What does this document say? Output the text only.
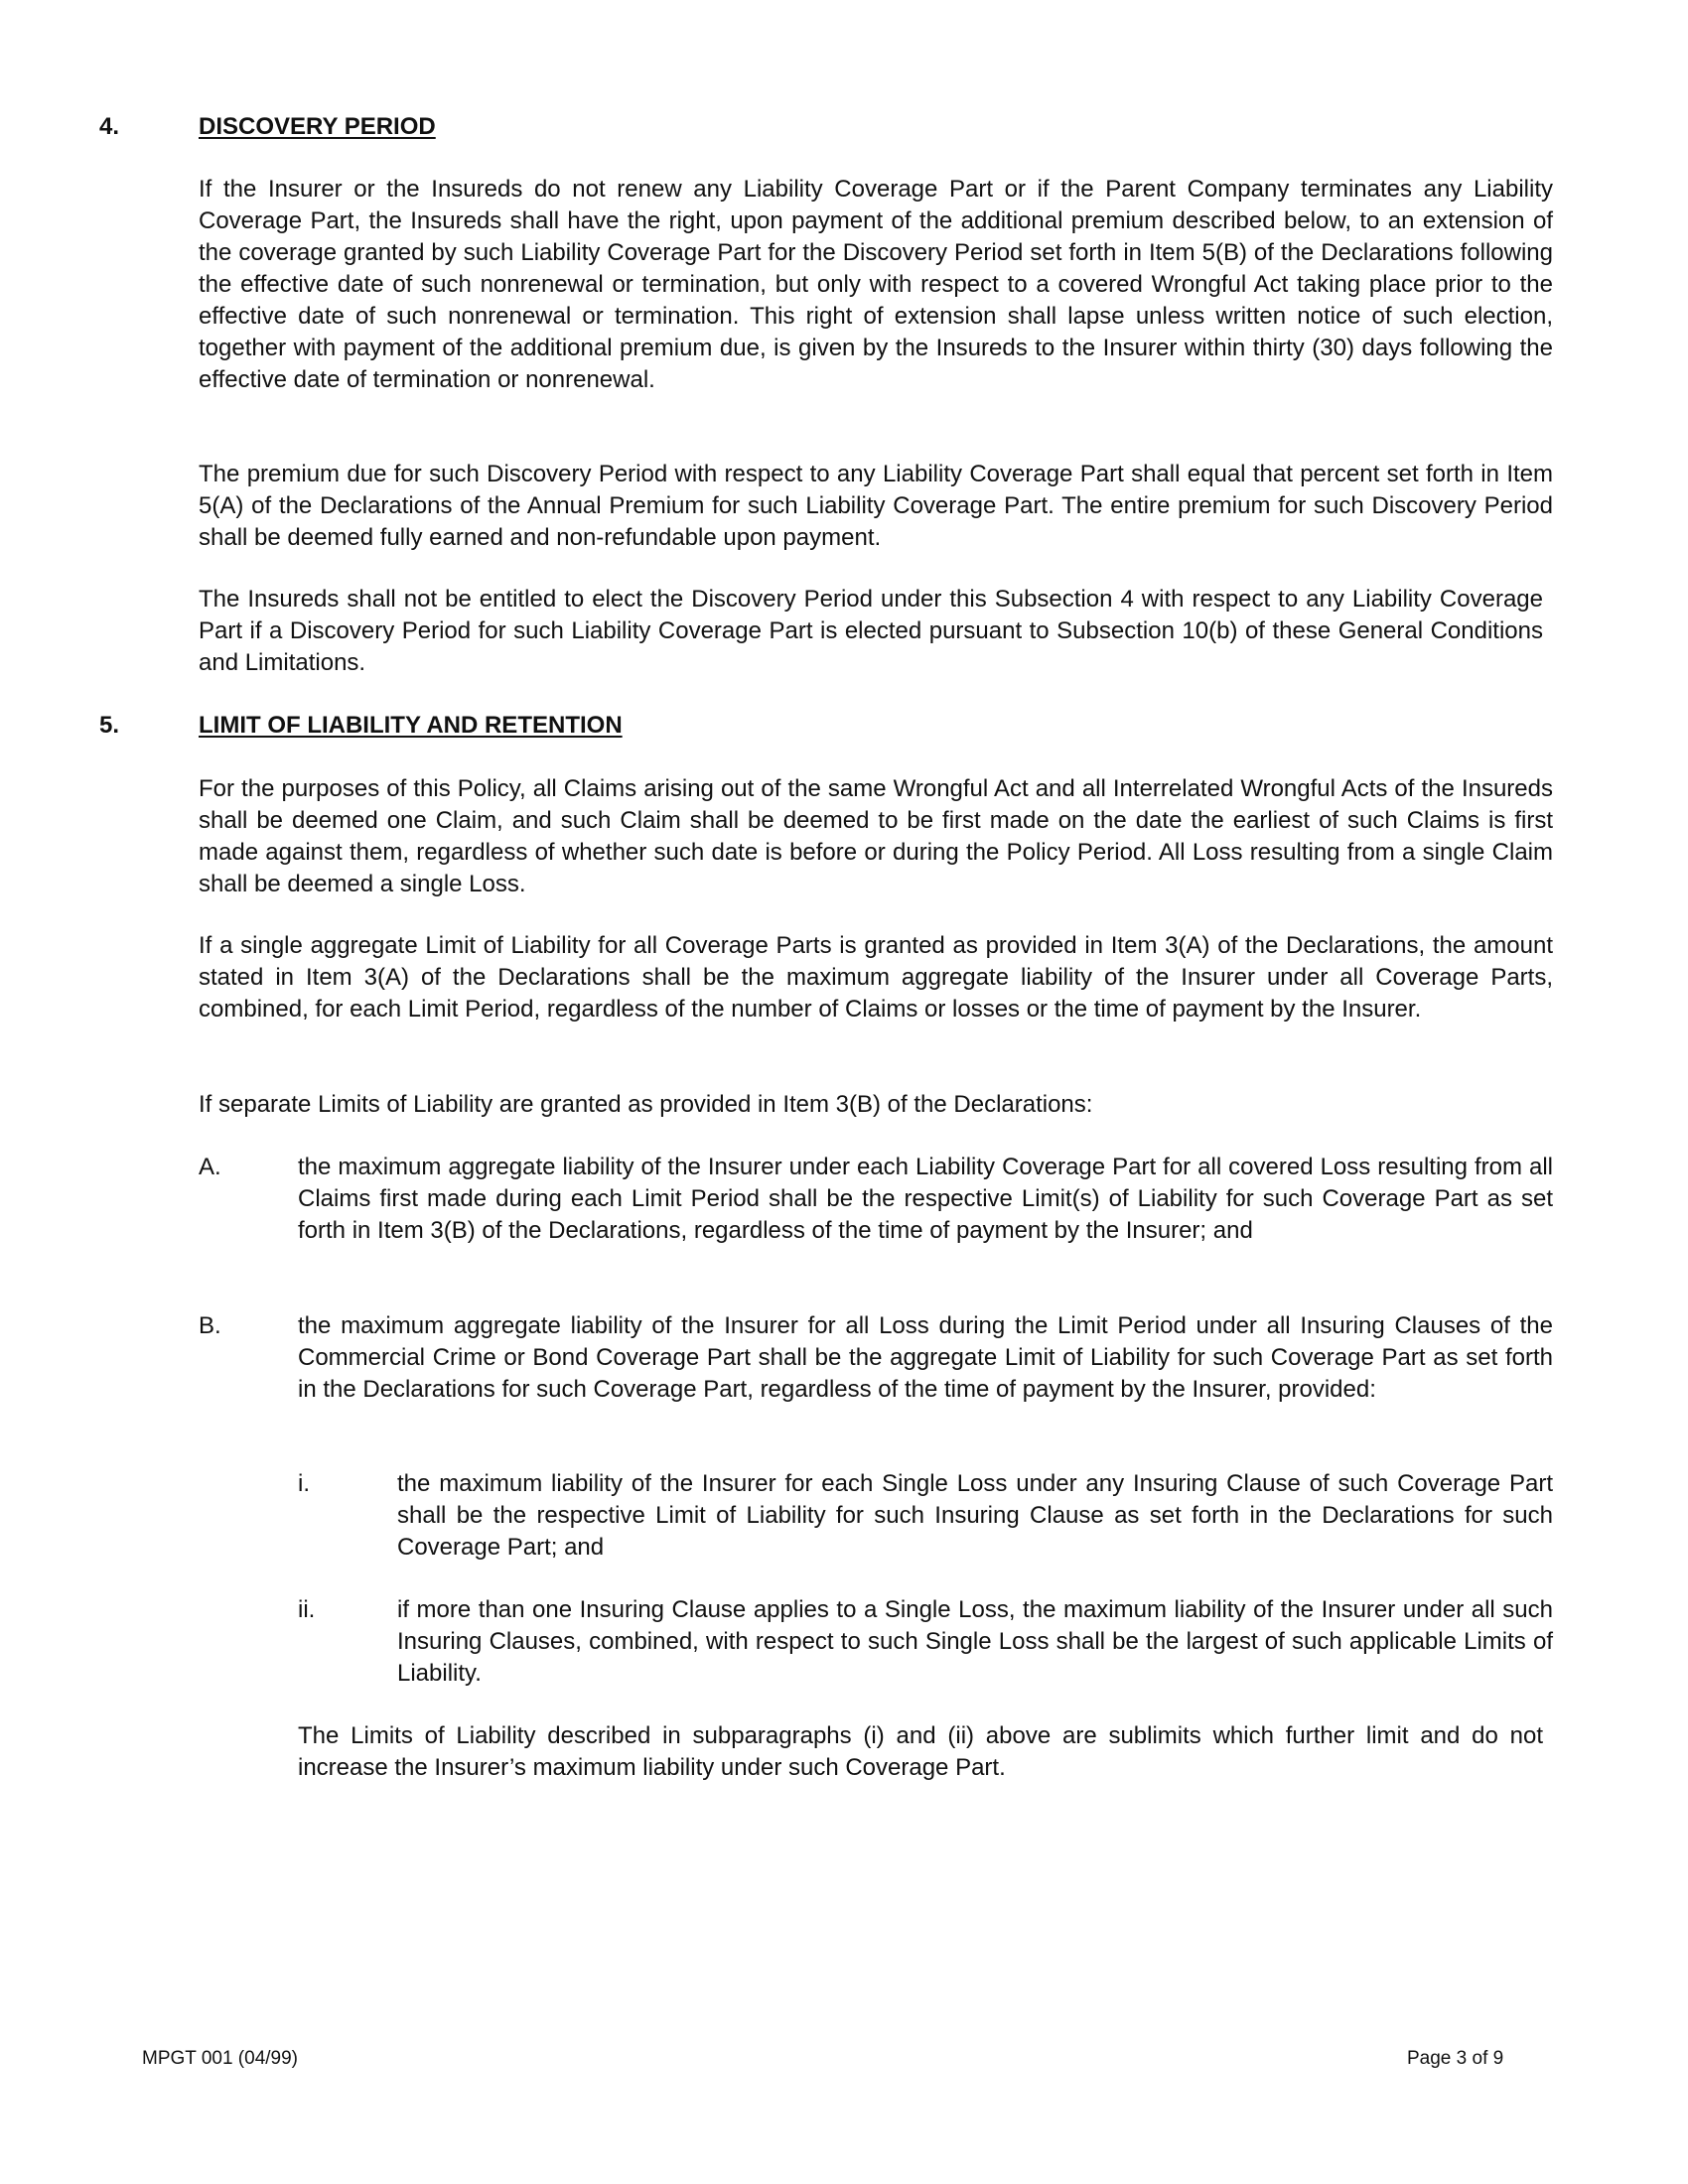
4.	DISCOVERY PERIOD

If the Insurer or the Insureds do not renew any Liability Coverage Part or if the Parent Company terminates any Liability Coverage Part, the Insureds shall have the right, upon payment of the additional premium described below, to an extension of the coverage granted by such Liability Coverage Part for the Discovery Period set forth in Item 5(B) of the Declarations following the effective date of such nonrenewal or termination, but only with respect to a covered Wrongful Act taking place prior to the effective date of such nonrenewal or termination. This right of extension shall lapse unless written notice of such election, together with payment of the additional premium due, is given by the Insureds to the Insurer within thirty (30) days following the effective date of termination or nonrenewal.

The premium due for such Discovery Period with respect to any Liability Coverage Part shall equal that percent set forth in Item 5(A) of the Declarations of the Annual Premium for such Liability Coverage Part. The entire premium for such Discovery Period shall be deemed fully earned and non-refundable upon payment.

The Insureds shall not be entitled to elect the Discovery Period under this Subsection 4 with respect to any Liability Coverage Part if a Discovery Period for such Liability Coverage Part is elected pursuant to Subsection 10(b) of these General Conditions and Limitations.

5.	LIMIT OF LIABILITY AND RETENTION

For the purposes of this Policy, all Claims arising out of the same Wrongful Act and all Interrelated Wrongful Acts of the Insureds shall be deemed one Claim, and such Claim shall be deemed to be first made on the date the earliest of such Claims is first made against them, regardless of whether such date is before or during the Policy Period. All Loss resulting from a single Claim shall be deemed a single Loss.

If a single aggregate Limit of Liability for all Coverage Parts is granted as provided in Item 3(A) of the Declarations, the amount stated in Item 3(A) of the Declarations shall be the maximum aggregate liability of the Insurer under all Coverage Parts, combined, for each Limit Period, regardless of the number of Claims or losses or the time of payment by the Insurer.

If separate Limits of Liability are granted as provided in Item 3(B) of the Declarations:

A.	the maximum aggregate liability of the Insurer under each Liability Coverage Part for all covered Loss resulting from all Claims first made during each Limit Period shall be the respective Limit(s) of Liability for such Coverage Part as set forth in Item 3(B) of the Declarations, regardless of the time of payment by the Insurer; and
B.	the maximum aggregate liability of the Insurer for all Loss during the Limit Period under all Insuring Clauses of the Commercial Crime or Bond Coverage Part shall be the aggregate Limit of Liability for such Coverage Part as set forth in the Declarations for such Coverage Part, regardless of the time of payment by the Insurer, provided:
i.	the maximum liability of the Insurer for each Single Loss under any Insuring Clause of such Coverage Part shall be the respective Limit of Liability for such Insuring Clause as set forth in the Declarations for such Coverage Part; and
ii.	if more than one Insuring Clause applies to a Single Loss, the maximum liability of the Insurer under all such Insuring Clauses, combined, with respect to such Single Loss shall be the largest of such applicable Limits of Liability.

The Limits of Liability described in subparagraphs (i) and (ii) above are sublimits which further limit and do not increase the Insurer’s maximum liability under such Coverage Part.

MPGT 001 (04/99)	Page 3 of 9
